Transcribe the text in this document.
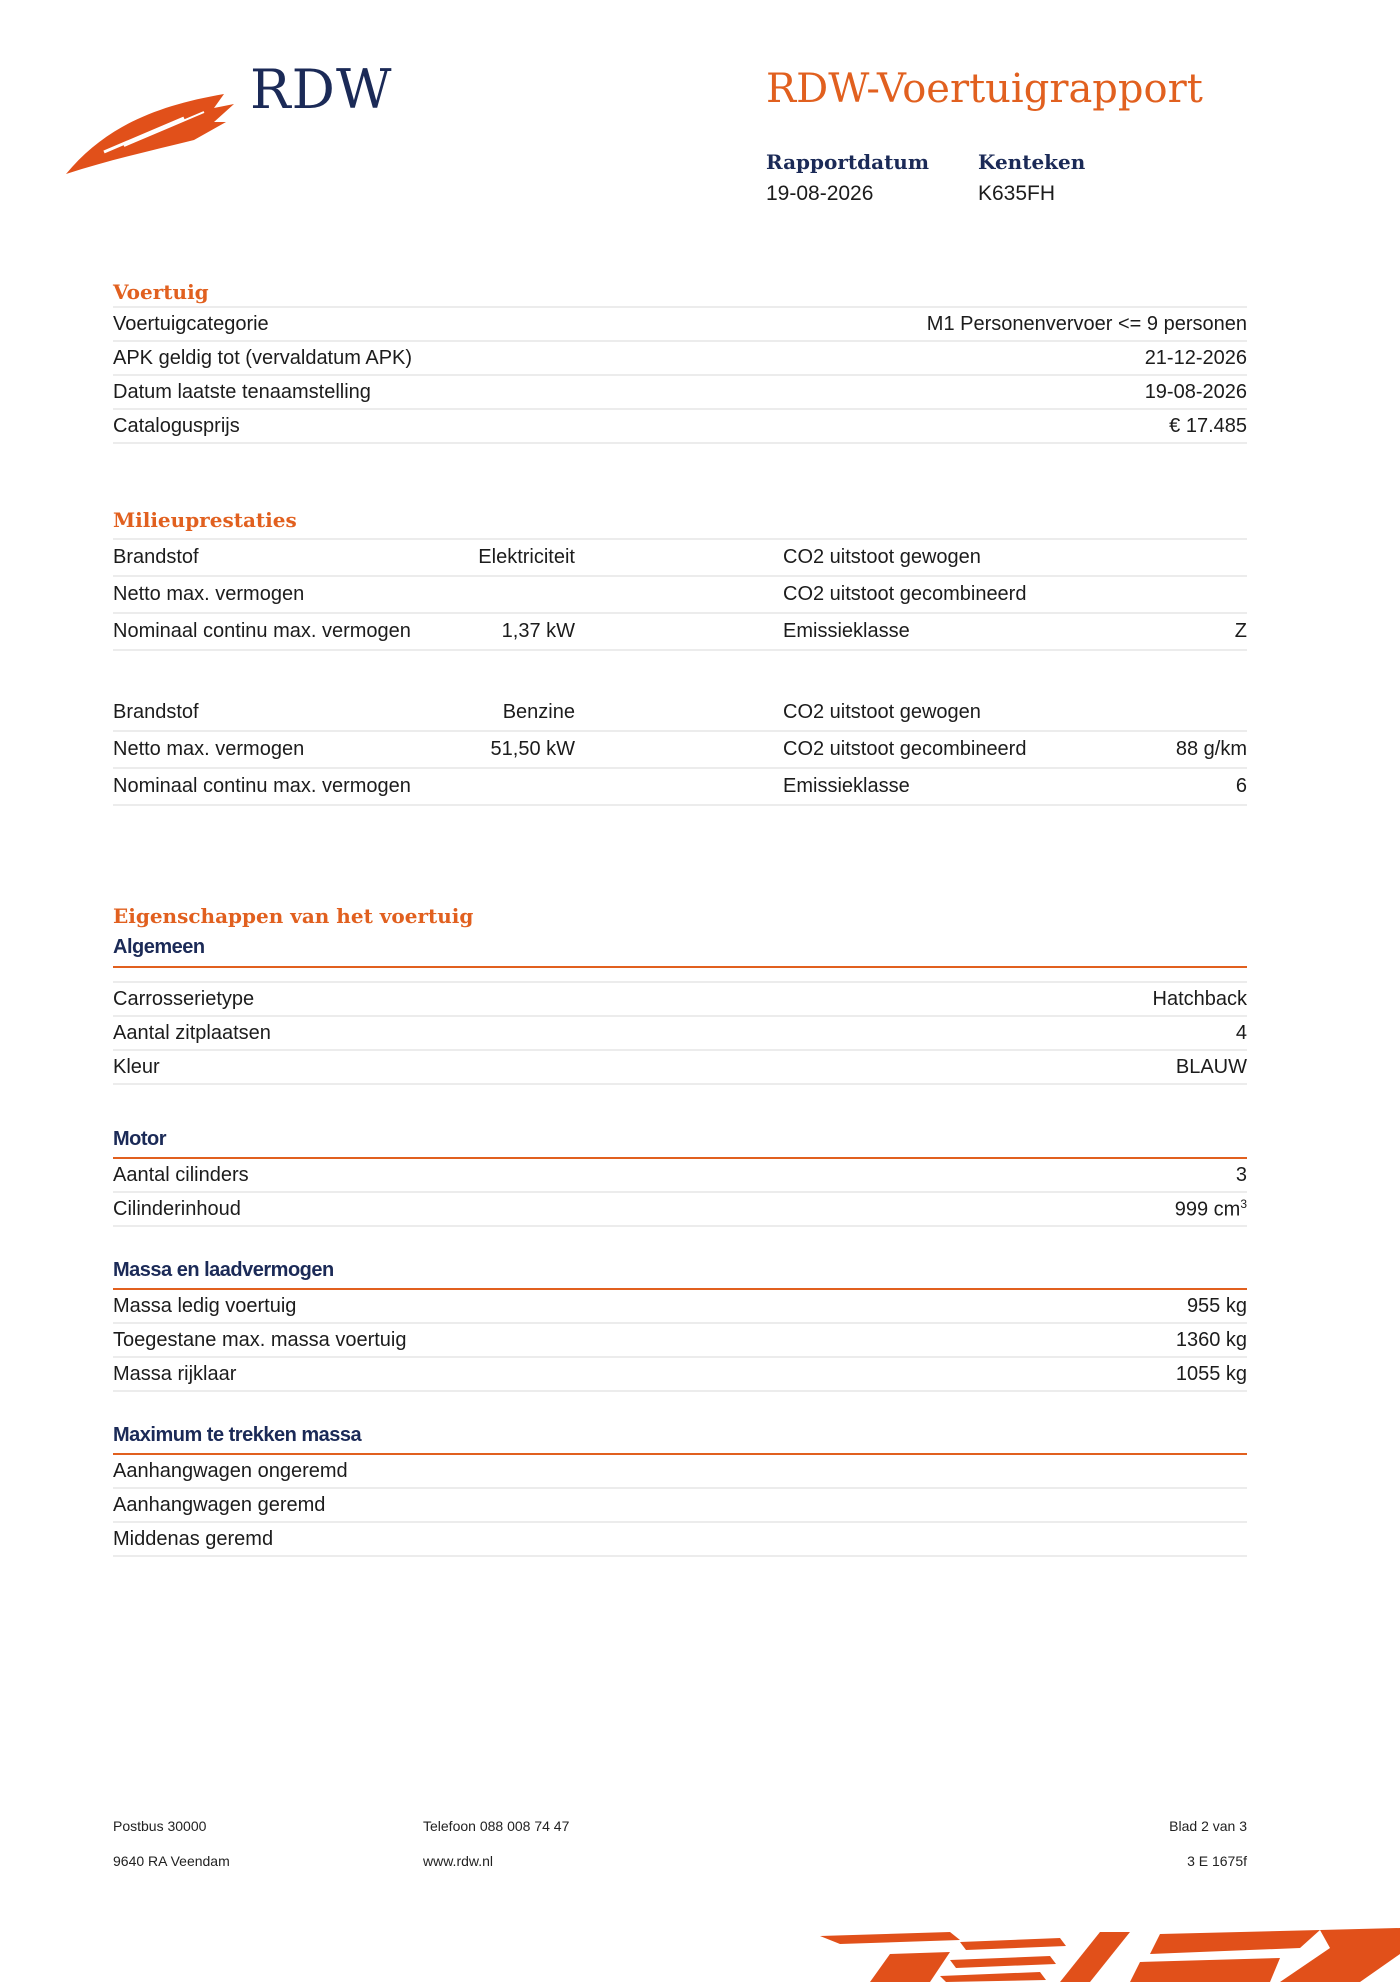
RDW	RDW-Voertuigrapport
Rapportdatum
19-08-2026
Kenteken
K635FH
Voertuig
Voertuigcategorie	M1 Personenvervoer <= 9 personen
APK geldig tot (vervaldatum APK)	21-12-2026
Datum laatste tenaamstelling	19-08-2026
Catalogusprijs	€ 17.485
Milieuprestaties
Brandstof	Elektriciteit	CO2 uitstoot gewogen
Netto max. vermogen	CO2 uitstoot gecombineerd
Nominaal continu max. vermogen	1,37 kW	Emissieklasse	Z
Brandstof	Benzine	CO2 uitstoot gewogen
Netto max. vermogen	51,50 kW	CO2 uitstoot gecombineerd	88 g/km
Nominaal continu max. vermogen	Emissieklasse	6
Eigenschappen van het voertuig
Algemeen
Carrosserietype	Hatchback
Aantal zitplaatsen	4
Kleur	BLAUW
Motor
Aantal cilinders	3
Cilinderinhoud	999 $cm^3$
Massa en laadvermogen
Massa ledig voertuig	955 kg
Toegestane max. massa voertuig	1360 kg
Massa rijklaar	1055 kg
Maximum te trekken massa
Aanhangwagen ongeremd
Aanhangwagen geremd
Middenas geremd
Postbus 30000
9640 RA Veendam
Telefoon 088 008 74 47
www.rdw.nl
Blad 2 van 3
3 E 1675f
